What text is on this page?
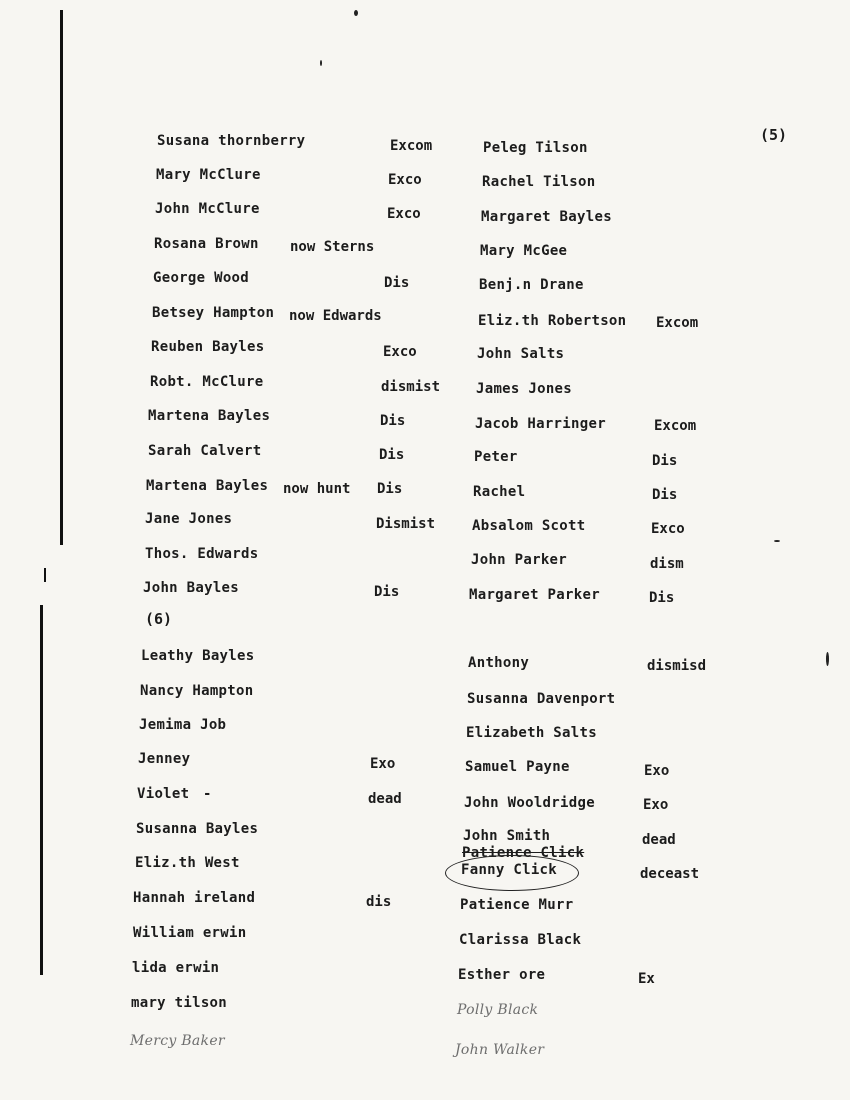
(5)
(6)
Susana thornberry	Excom
Mary McClure	Exco
John McClure	Exco
Rosana Brown now Sterns
George Wood	Dis
Betsey Hampton now Edwards
Reuben Bayles	Exco
Robt. McClure	dismist
Martena Bayles	Dis
Sarah Calvert	Dis
Martena Bayles now hunt Dis
Jane Jones	Dismist
Thos. Edwards
John Bayles	Dis
Leathy Bayles
Nancy Hampton
Jemima Job
Jenney	Exo
Violet -	dead
Susanna Bayles
Eliz.th West
Hannah ireland	dis
William erwin
lida erwin
mary tilson
Mercy Baker
Peleg Tilson
Rachel Tilson
Margaret Bayles
Mary McGee
Benj.n Drane
Eliz.th Robertson Excom
John Salts
James Jones
Jacob Harringer	Excom
Peter	Dis
Rachel	Dis
Absalom Scott	Exco
John Parker	dism
Margaret Parker	Dis
Anthony	dismisd
Susanna Davenport
Elizabeth Salts
Samuel Payne	Exo
John Wooldridge	Exo
John Smith	dead
Patience Click
Fanny Click	deceast
Patience Murr
Clarissa Black
Esther ore	Ex
Polly Black
John Walker
